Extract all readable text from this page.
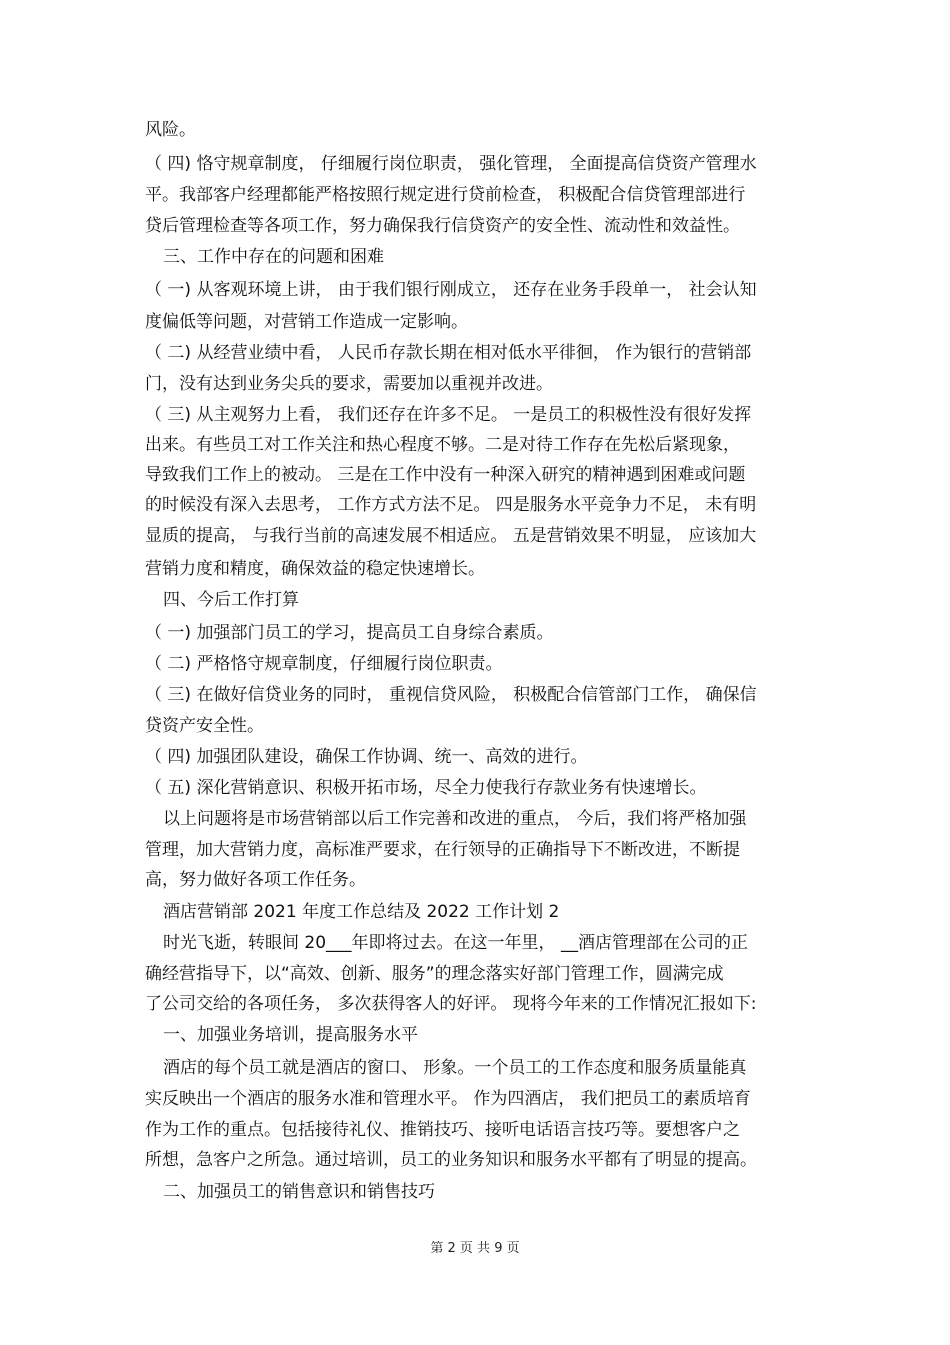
风险。
（ 四) 恪守规章制度， 仔细履行岗位职责， 强化管理， 全面提高信贷资产管理水
平。我部客户经理都能严格按照行规定进行贷前检查， 积极配合信贷管理部进行
贷后管理检查等各项工作，努力确保我行信贷资产的安全性、流动性和效益性。
三、工作中存在的问题和困难
（ 一) 从客观环境上讲， 由于我们银行刚成立， 还存在业务手段单一， 社会认知
度偏低等问题，对营销工作造成一定影响。
（ 二) 从经营业绩中看， 人民币存款长期在相对低水平徘徊， 作为银行的营销部
门，没有达到业务尖兵的要求，需要加以重视并改进。
（ 三) 从主观努力上看， 我们还存在许多不足。 一是员工的积极性没有很好发挥
出来。有些员工对工作关注和热心程度不够。二是对待工作存在先松后紧现象，
导致我们工作上的被动。 三是在工作中没有一种深入研究的精神遇到困难或问题
的时候没有深入去思考， 工作方式方法不足。 四是服务水平竞争力不足， 未有明
显质的提高， 与我行当前的高速发展不相适应。 五是营销效果不明显， 应该加大
营销力度和精度，确保效益的稳定快速增长。
四、今后工作打算
（ 一) 加强部门员工的学习，提高员工自身综合素质。
（ 二) 严格恪守规章制度，仔细履行岗位职责。
（ 三) 在做好信贷业务的同时， 重视信贷风险， 积极配合信管部门工作， 确保信
贷资产安全性。
（ 四) 加强团队建设，确保工作协调、统一、高效的进行。
（ 五) 深化营销意识、积极开拓市场，尽全力使我行存款业务有快速增长。
以上问题将是市场营销部以后工作完善和改进的重点， 今后，我们将严格加强
管理，加大营销力度，高标准严要求，在行领导的正确指导下不断改进，不断提
高，努力做好各项工作任务。
酒店营销部 2021 年度工作总结及 2022 工作计划 2
时光飞逝，转眼间 20___年即将过去。在这一年里， __酒店管理部在公司的正
确经营指导下，以“高效、创新、服务”的理念落实好部门管理工作，圆满完成
了公司交给的各项任务， 多次获得客人的好评。 现将今年来的工作情况汇报如下:
一、加强业务培训，提高服务水平
酒店的每个员工就是酒店的窗口、 形象。一个员工的工作态度和服务质量能真
实反映出一个酒店的服务水准和管理水平。 作为四酒店， 我们把员工的素质培育
作为工作的重点。包括接待礼仪、推销技巧、接听电话语言技巧等。要想客户之
所想，急客户之所急。通过培训，员工的业务知识和服务水平都有了明显的提高。
二、加强员工的销售意识和销售技巧
第 2 页 共 9 页
